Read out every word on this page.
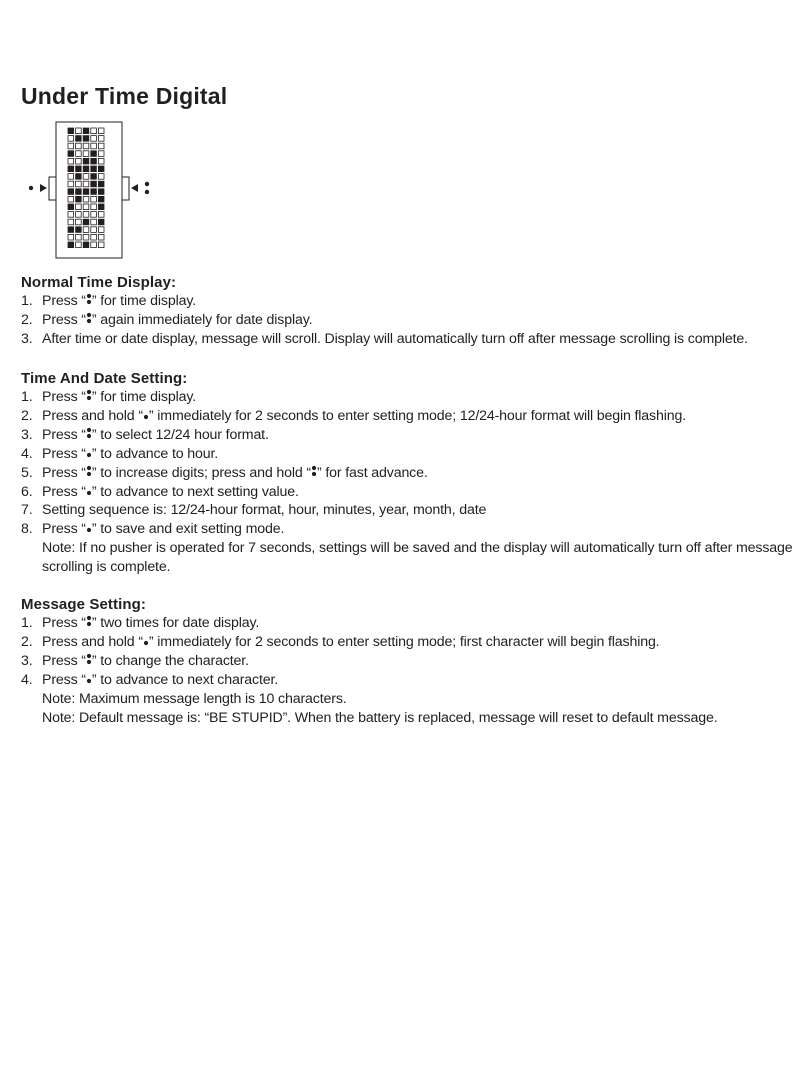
Under Time Digital
Normal Time Display:
1. Press “ ” for time display.
2. Press “ ” again immediately for date display.
3. After time or date display, message will scroll. Display will automatically turn off after message scrolling is complete.
Time And Date Setting:
1. Press “ ” for time display.
2. Press and hold “ ” immediately for 2 seconds to enter setting mode; 12/24-hour format will begin flashing.
3. Press “ ” to select 12/24 hour format.
4. Press “ ” to advance to hour.
5. Press “ ” to increase digits; press and hold “ ” for fast advance.
6. Press “ ” to advance to next setting value.
7. Setting sequence is: 12/24-hour format, hour, minutes, year, month, date
8. Press “ ” to save and exit setting mode.
Note: If no pusher is operated for 7 seconds, settings will be saved and the display will automatically turn off after message scrolling is complete.
Message Setting:
1. Press “ ” two times for date display.
2. Press and hold “ ” immediately for 2 seconds to enter setting mode; first character will begin flashing.
3. Press “ ” to change the character.
4. Press “ ” to advance to next character.
Note: Maximum message length is 10 characters.
Note: Default message is: “BE STUPID”. When the battery is replaced, message will reset to default message.
